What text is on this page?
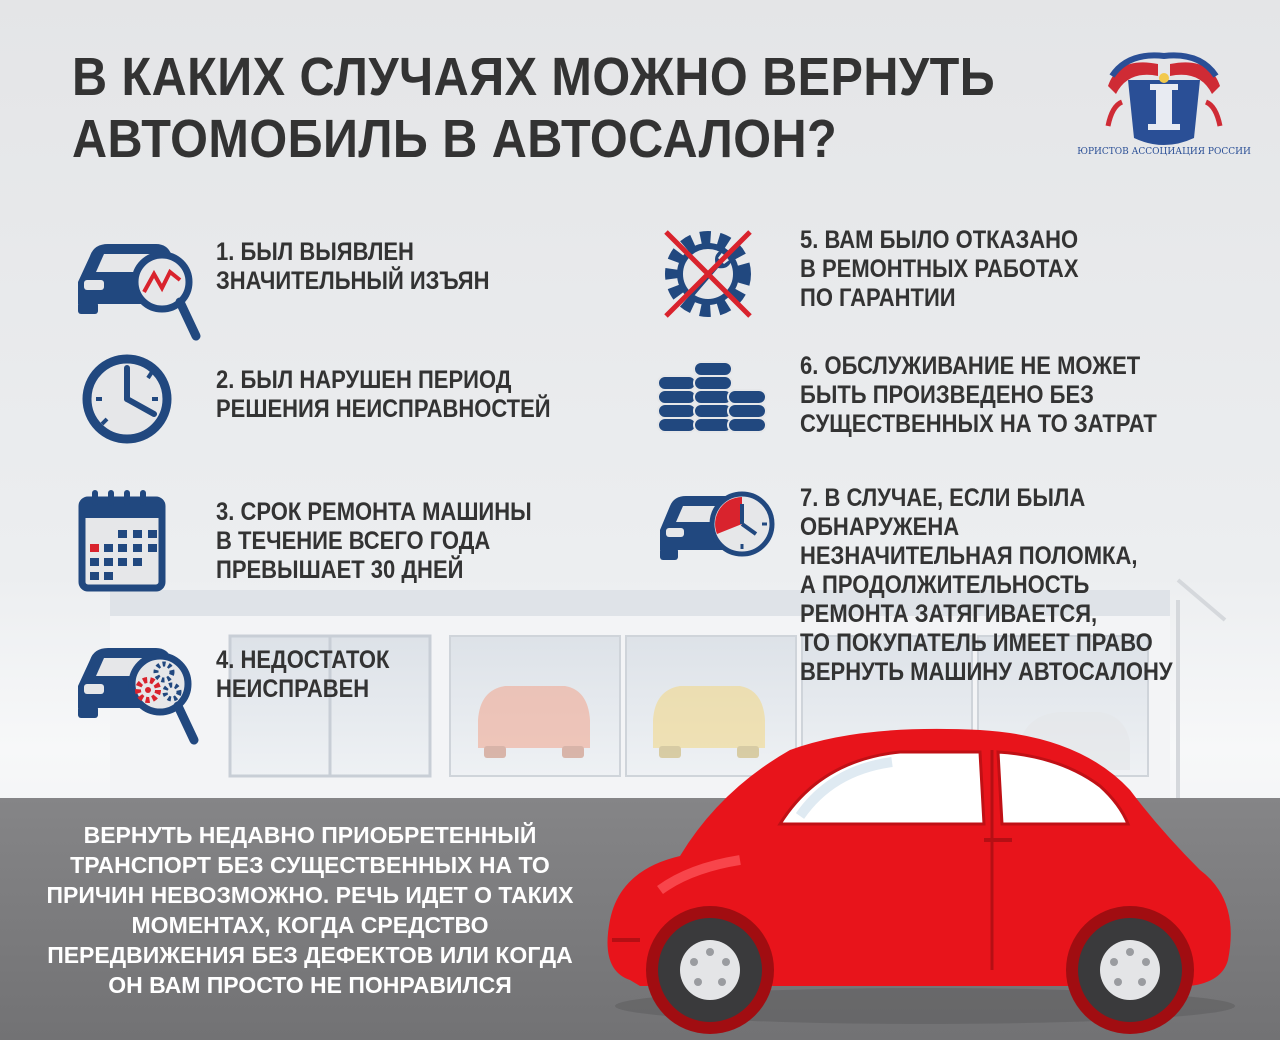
В КАКИХ СЛУЧАЯХ МОЖНО ВЕРНУТЬ
АВТОМОБИЛЬ В АВТОСАЛОН?	ЮРИСТОВ АССОЦИАЦИЯ РОССИИ
1. БЫЛ ВЫЯВЛЕН
ЗНАЧИТЕЛЬНЫЙ ИЗЪЯН
2. БЫЛ НАРУШЕН ПЕРИОД
РЕШЕНИЯ НЕИСПРАВНОСТЕЙ
3. СРОК РЕМОНТА МАШИНЫ
В ТЕЧЕНИЕ ВСЕГО ГОДА
ПРЕВЫШАЕТ 30 ДНЕЙ
4. НЕДОСТАТОК
НЕИСПРАВЕН
5. ВАМ БЫЛО ОТКАЗАНО
В РЕМОНТНЫХ РАБОТАХ
ПО ГАРАНТИИ
6. ОБСЛУЖИВАНИЕ НЕ МОЖЕТ
БЫТЬ ПРОИЗВЕДЕНО БЕЗ
СУЩЕСТВЕННЫХ НА ТО ЗАТРАТ
7. В СЛУЧАЕ, ЕСЛИ БЫЛА
ОБНАРУЖЕНА
НЕЗНАЧИТЕЛЬНАЯ ПОЛОМКА,
А ПРОДОЛЖИТЕЛЬНОСТЬ
РЕМОНТА ЗАТЯГИВАЕТСЯ,
ТО ПОКУПАТЕЛЬ ИМЕЕТ ПРАВО
ВЕРНУТЬ МАШИНУ АВТОСАЛОНУ
ВЕРНУТЬ НЕДАВНО ПРИОБРЕТЕННЫЙ
ТРАНСПОРТ БЕЗ СУЩЕСТВЕННЫХ НА ТО
ПРИЧИН НЕВОЗМОЖНО. РЕЧЬ ИДЕТ О ТАКИХ
МОМЕНТАХ, КОГДА СРЕДСТВО
ПЕРЕДВИЖЕНИЯ БЕЗ ДЕФЕКТОВ ИЛИ КОГДА
ОН ВАМ ПРОСТО НЕ ПОНРАВИЛСЯ
